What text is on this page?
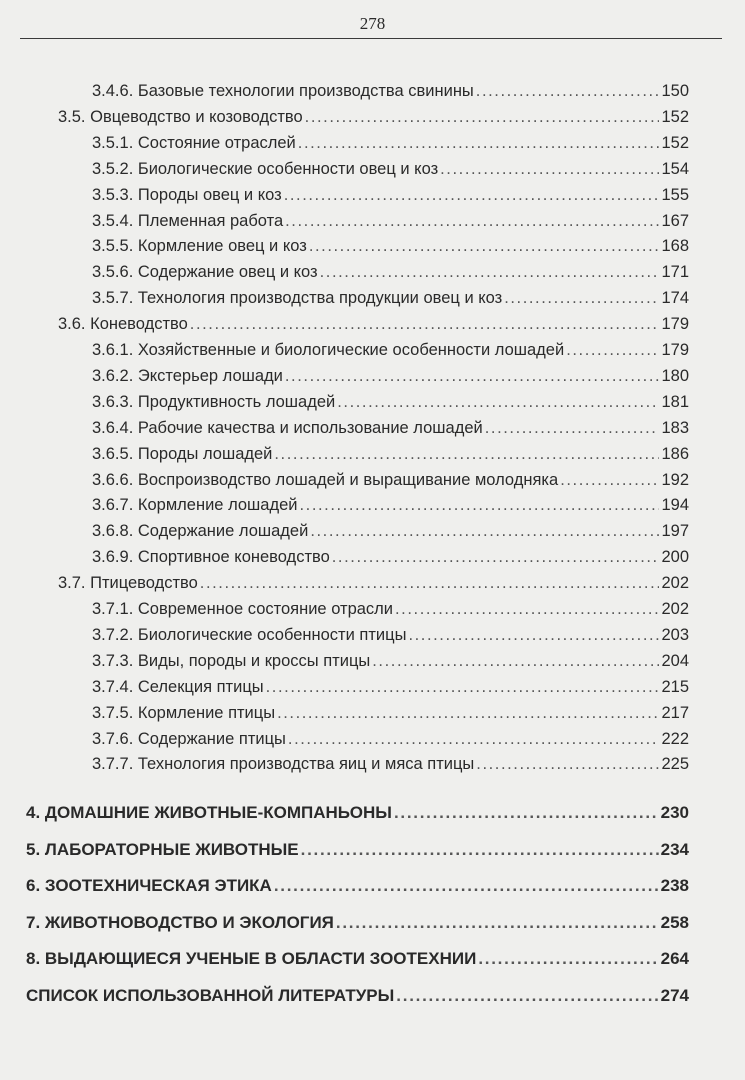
278
3.4.6. Базовые технологии производства свинины . . .	150
3.5. Овцеводство и козоводство . . .	152
3.5.1. Состояние отраслей . . .	152
3.5.2. Биологические особенности овец и коз . . .	154
3.5.3. Породы овец и коз . . .	155
3.5.4. Племенная работа . . .	167
3.5.5. Кормление овец и коз . . .	168
3.5.6. Содержание овец и коз . . .	171
3.5.7. Технология производства продукции овец и коз . . .	174
3.6. Коневодство . . .	179
3.6.1. Хозяйственные и биологические особенности лошадей . . .	179
3.6.2. Экстерьер лошади . . .	180
3.6.3. Продуктивность лошадей . . .	181
3.6.4. Рабочие качества и использование лошадей . . .	183
3.6.5. Породы лошадей . . .	186
3.6.6. Воспроизводство лошадей и выращивание молодняка . . .	192
3.6.7. Кормление лошадей . . .	194
3.6.8. Содержание лошадей . . .	197
3.6.9. Спортивное коневодство . . .	200
3.7. Птицеводство . . .	202
3.7.1. Современное состояние отрасли . . .	202
3.7.2. Биологические особенности птицы . . .	203
3.7.3. Виды, породы и кроссы птицы . . .	204
3.7.4. Селекция птицы . . .	215
3.7.5. Кормление птицы . . .	217
3.7.6. Содержание птицы . . .	222
3.7.7. Технология производства яиц и мяса птицы . . .	225
4. ДОМАШНИЕ ЖИВОТНЫЕ-КОМПАНЬОНЫ . . .	230
5. ЛАБОРАТОРНЫЕ ЖИВОТНЫЕ . . .	234
6. ЗООТЕХНИЧЕСКАЯ ЭТИКА . . .	238
7. ЖИВОТНОВОДСТВО И ЭКОЛОГИЯ . . .	258
8. ВЫДАЮЩИЕСЯ УЧЕНЫЕ В ОБЛАСТИ ЗООТЕХНИИ . . .	264
СПИСОК ИСПОЛЬЗОВАННОЙ ЛИТЕРАТУРЫ . . .	274
